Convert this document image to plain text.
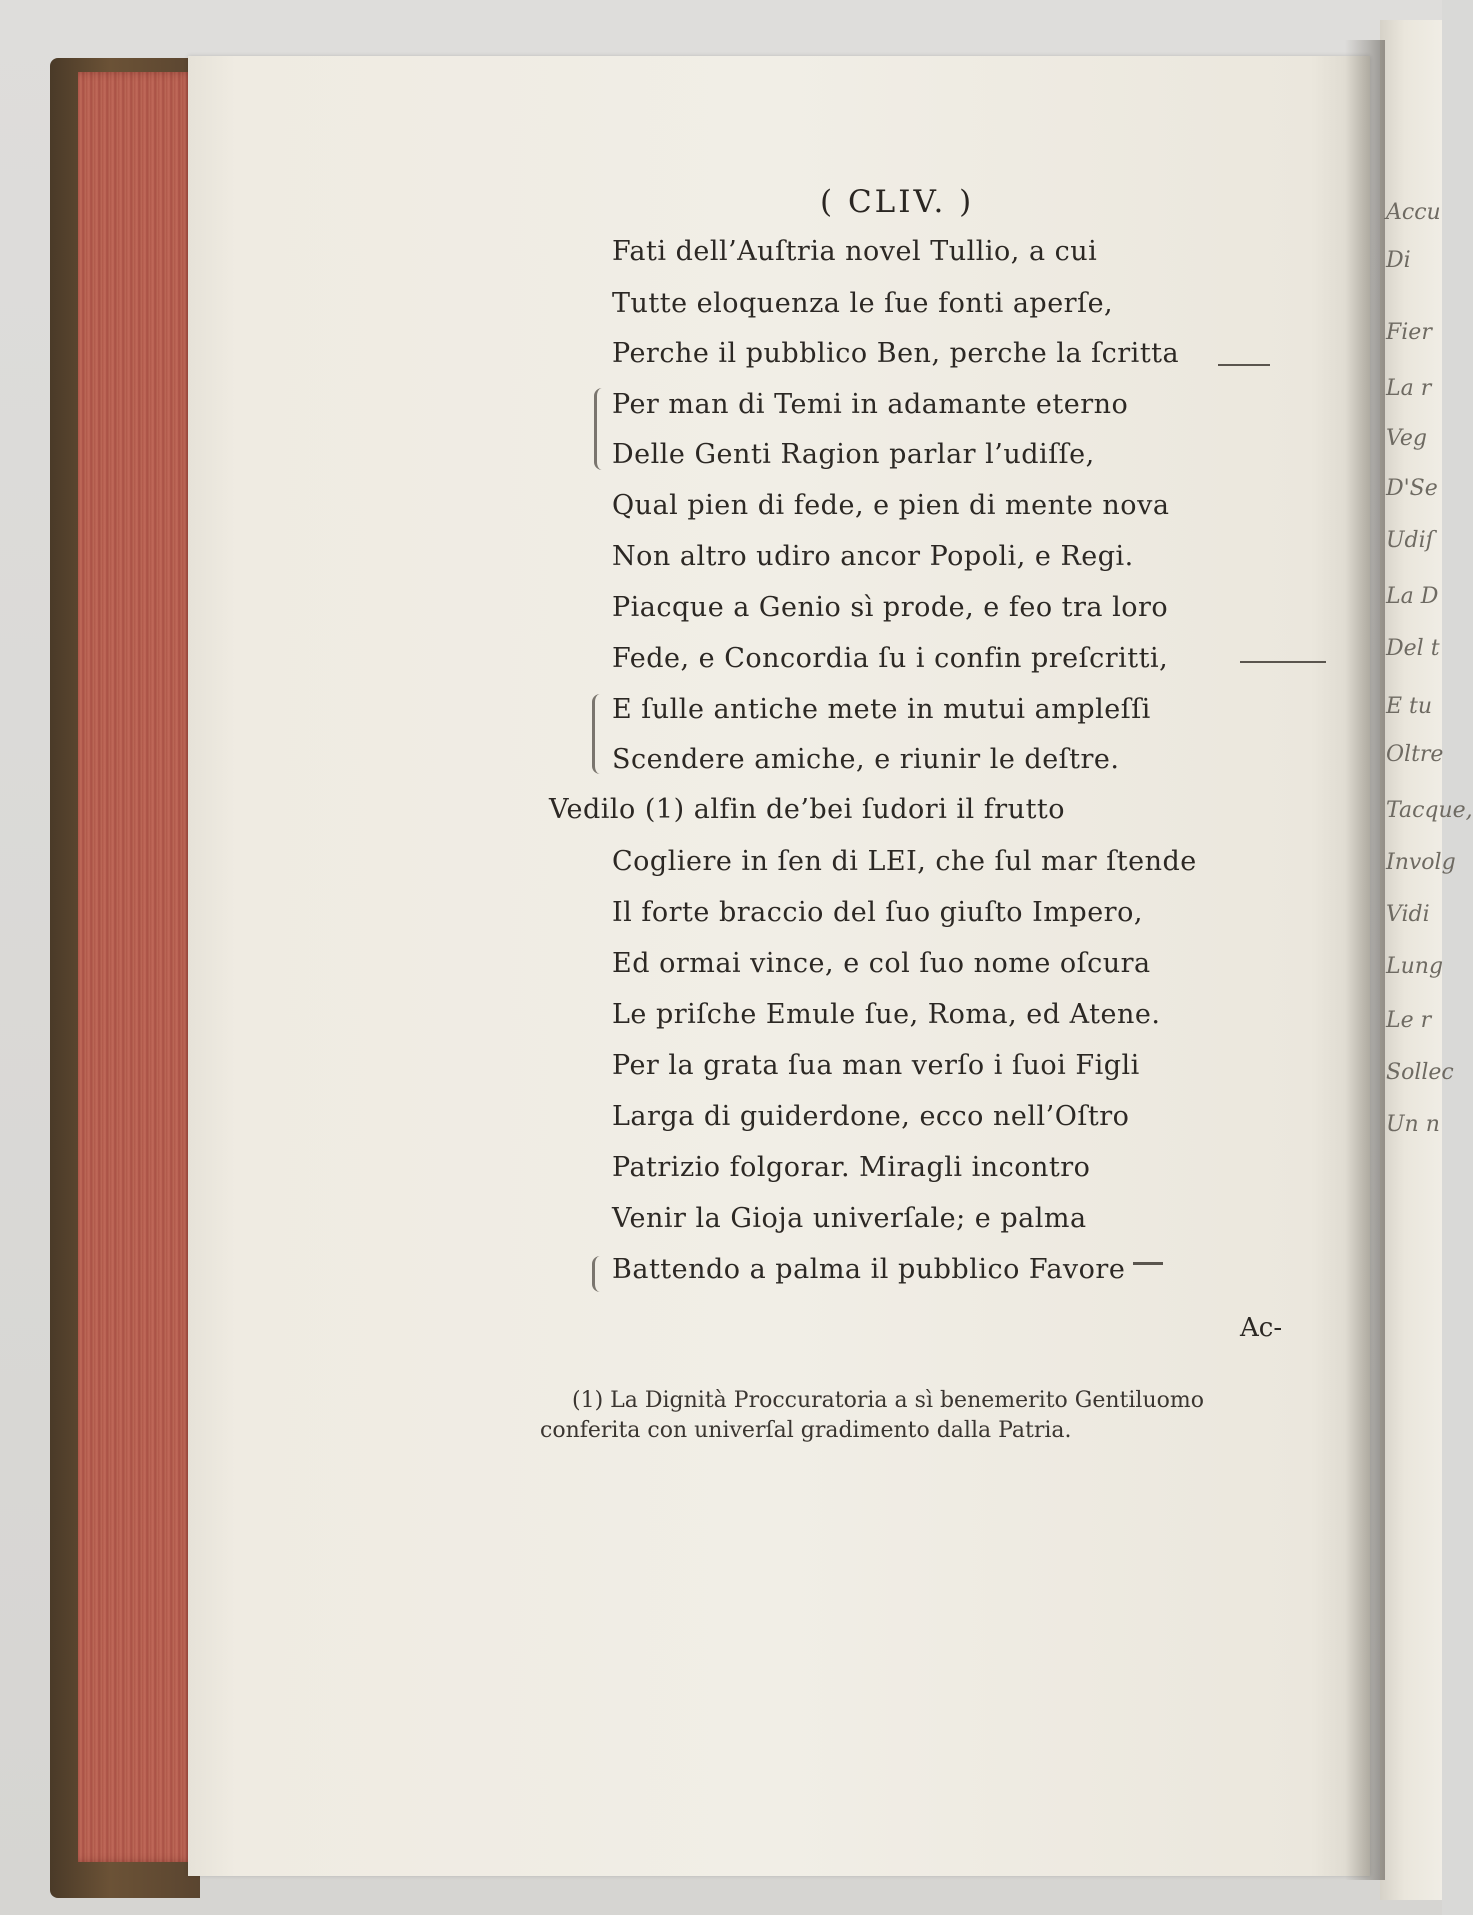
Accu
Di
Fier
La r
Veg
D'Se
Udiſ
La D
Del t
E tu
Oltre
Tacque,
Involg
Vidi
Lung
Le r
Sollec
Un n
( CLIV. )
Fati dell’Auſtria novel Tullio, a cui
Tutte eloquenza le ſue fonti aperſe,
Perche il pubblico Ben, perche la ſcritta
Per man di Temi in adamante eterno
Delle Genti Ragion parlar l’udiſſe,
Qual pien di fede, e pien di mente nova
Non altro udiro ancor Popoli, e Regi.
Piacque a Genio sì prode, e feo tra loro
Fede, e Concordia ſu i confin preſcritti,
E ſulle antiche mete in mutui ampleſſi
Scendere amiche, e riunir le deſtre.
Vedilo (1) alfin de’bei ſudori il frutto
Cogliere in ſen di LEI, che ſul mar ſtende
Il forte braccio del ſuo giuſto Impero,
Ed ormai vince, e col ſuo nome oſcura
Le priſche Emule ſue, Roma, ed Atene.
Per la grata ſua man verſo i ſuoi Figli
Larga di guiderdone, ecco nell’Oſtro
Patrizio folgorar. Miragli incontro
Venir la Gioja univerſale; e palma
Battendo a palma il pubblico Favore
Ac-
(1) La Dignità Proccuratoria a sì benemerito Gentiluomo
conferita con univerſal gradimento dalla Patria.
